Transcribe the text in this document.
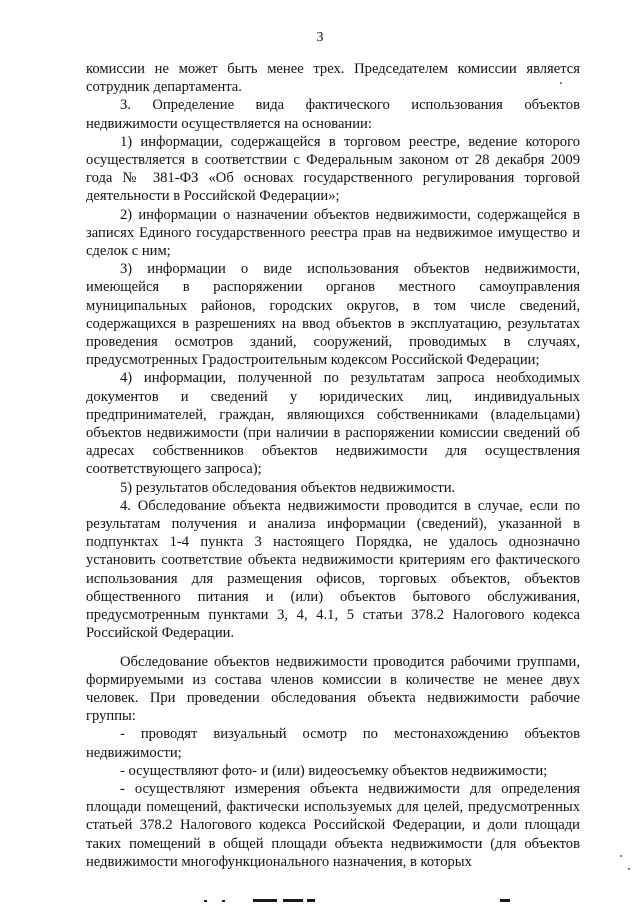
3

комиссии не может быть менее трех. Председателем комиссии является сотрудник департамента.

3. Определение вида фактического использования объектов недвижимости осуществляется на основании:

1) информации, содержащейся в торговом реестре, ведение которого осуществляется в соответствии с Федеральным законом от 28 декабря 2009 года № 381-ФЗ «Об основах государственного регулирования торговой деятельности в Российской Федерации»;

2) информации о назначении объектов недвижимости, содержащейся в записях Единого государственного реестра прав на недвижимое имущество и сделок с ним;

3) информации о виде использования объектов недвижимости, имеющейся в распоряжении органов местного самоуправления муниципальных районов, городских округов, в том числе сведений, содержащихся в разрешениях на ввод объектов в эксплуатацию, результатах проведения осмотров зданий, сооружений, проводимых в случаях, предусмотренных Градостроительным кодексом Российской Федерации;

4) информации, полученной по результатам запроса необходимых документов и сведений у юридических лиц, индивидуальных предпринимателей, граждан, являющихся собственниками (владельцами) объектов недвижимости (при наличии в распоряжении комиссии сведений об адресах собственников объектов недвижимости для осуществления соответствующего запроса);

5) результатов обследования объектов недвижимости.

4. Обследование объекта недвижимости проводится в случае, если по результатам получения и анализа информации (сведений), указанной в подпунктах 1-4 пункта 3 настоящего Порядка, не удалось однозначно установить соответствие объекта недвижимости критериям его фактического использования для размещения офисов, торговых объектов, объектов общественного питания и (или) объектов бытового обслуживания, предусмотренным пунктами 3, 4, 4.1, 5 статьи 378.2 Налогового кодекса Российской Федерации.

Обследование объектов недвижимости проводится рабочими группами, формируемыми из состава членов комиссии в количестве не менее двух человек. При проведении обследования объекта недвижимости рабочие группы:

- проводят визуальный осмотр по местонахождению объектов недвижимости;

- осуществляют фото- и (или) видеосъемку объектов недвижимости;

- осуществляют измерения объекта недвижимости для определения площади помещений, фактически используемых для целей, предусмотренных статьей 378.2 Налогового кодекса Российской Федерации, и доли площади таких помещений в общей площади объекта недвижимости (для объектов недвижимости многофункционального назначения, в которых
